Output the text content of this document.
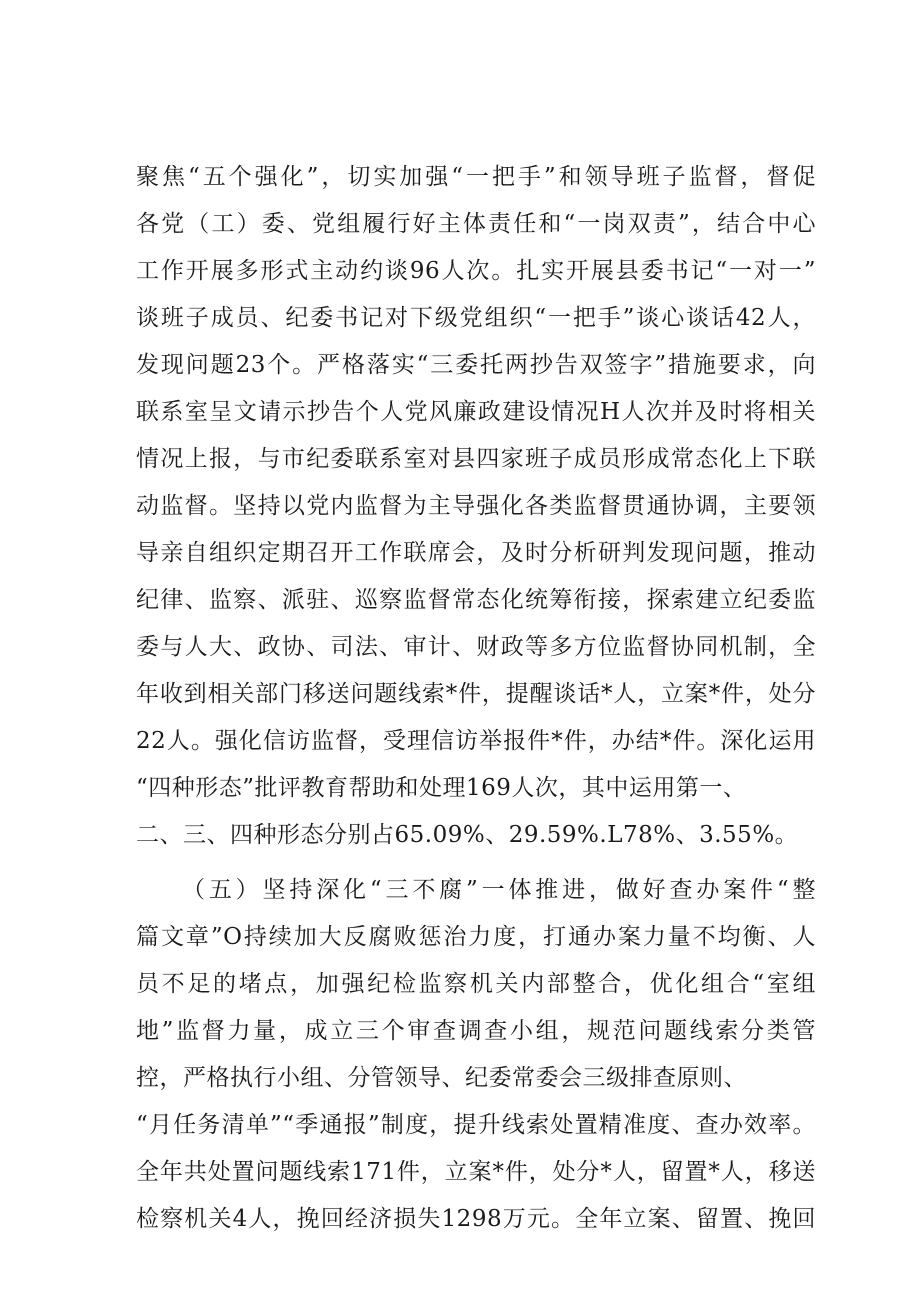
聚焦“五个强化”，切实加强“一把手”和领导班子监督，督促
各党（工）委、党组履行好主体责任和“一岗双责”，结合中心
工作开展多形式主动约谈96人次。扎实开展县委书记“一对一”
谈班子成员、纪委书记对下级党组织“一把手”谈心谈话42人，
发现问题23个。严格落实“三委托两抄告双签字”措施要求，向
联系室呈文请示抄告个人党风廉政建设情况H人次并及时将相关
情况上报，与市纪委联系室对县四家班子成员形成常态化上下联
动监督。坚持以党内监督为主导强化各类监督贯通协调，主要领
导亲自组织定期召开工作联席会，及时分析研判发现问题，推动
纪律、监察、派驻、巡察监督常态化统筹衔接，探索建立纪委监
委与人大、政协、司法、审计、财政等多方位监督协同机制，全
年收到相关部门移送问题线索*件，提醒谈话*人，立案*件，处分
22人。强化信访监督，受理信访举报件*件，办结*件。深化运用
“四种形态”批评教育帮助和处理169人次，其中运用第一、
二、三、四种形态分别占65.09%、29.59%.L78%、3.55%。
（五）坚持深化“三不腐”一体推进，做好查办案件“整
篇文章”O持续加大反腐败惩治力度，打通办案力量不均衡、人
员不足的堵点，加强纪检监察机关内部整合，优化组合“室组
地”监督力量，成立三个审查调查小组，规范问题线索分类管
控，严格执行小组、分管领导、纪委常委会三级排查原则、
“月任务清单”“季通报”制度，提升线索处置精准度、查办效率。
全年共处置问题线索171件，立案*件，处分*人，留置*人，移送
检察机关4人，挽回经济损失1298万元。全年立案、留置、挽回
